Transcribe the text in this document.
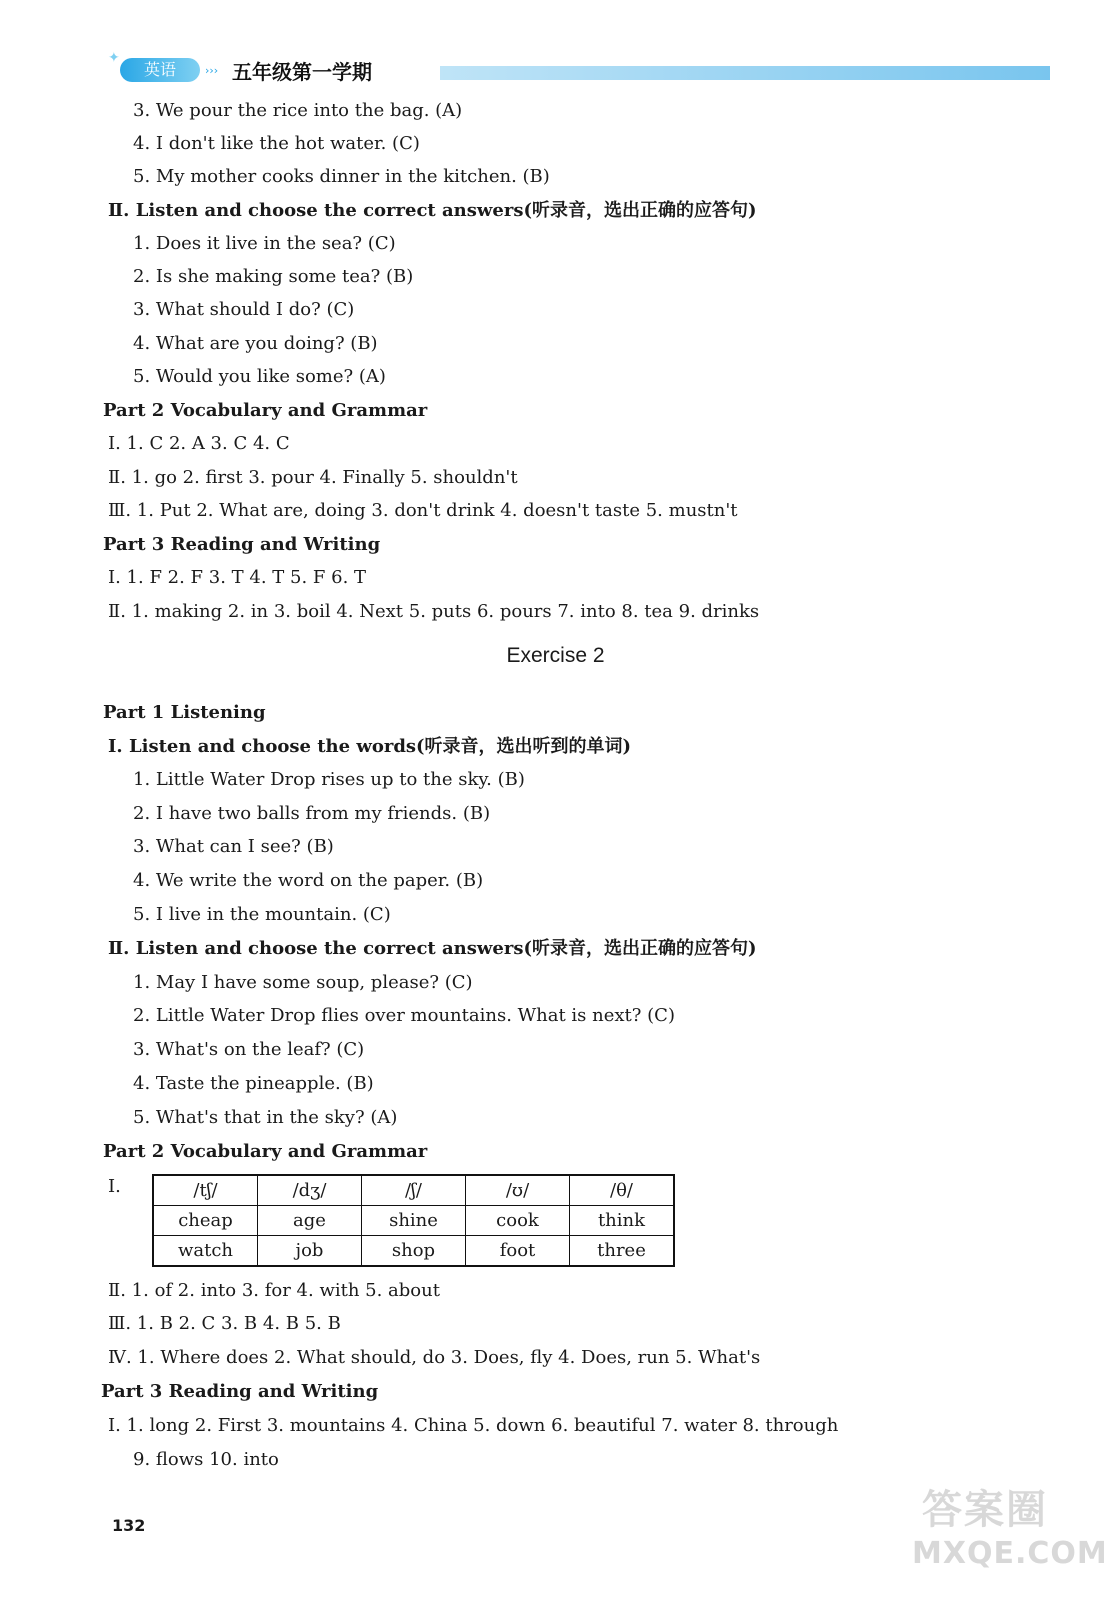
✦
英语	››› 五年级第一学期
3. We pour the rice into the bag. (A)
4. I don't like the hot water. (C)
5. My mother cooks dinner in the kitchen. (B)
Ⅱ. Listen and choose the correct answers(听录音，选出正确的应答句)
1. Does it live in the sea? (C)
2. Is she making some tea? (B)
3. What should I do? (C)
4. What are you doing? (B)
5. Would you like some? (A)
Part 2 Vocabulary and Grammar
Ⅰ. 1. C 2. A 3. C 4. C
Ⅱ. 1. go 2. first 3. pour 4. Finally 5. shouldn't
Ⅲ. 1. Put 2. What are, doing 3. don't drink 4. doesn't taste 5. mustn't
Part 3 Reading and Writing
Ⅰ. 1. F 2. F 3. T 4. T 5. F 6. T
Ⅱ. 1. making 2. in 3. boil 4. Next 5. puts 6. pours 7. into 8. tea 9. drinks
Part 1 Listening
Ⅰ. Listen and choose the words(听录音，选出听到的单词)
1. Little Water Drop rises up to the sky. (B)
2. I have two balls from my friends. (B)
3. What can I see? (B)
4. We write the word on the paper. (B)
5. I live in the mountain. (C)
Ⅱ. Listen and choose the correct answers(听录音，选出正确的应答句)
1. May I have some soup, please? (C)
2. Little Water Drop flies over mountains. What is next? (C)
3. What's on the leaf? (C)
4. Taste the pineapple. (B)
5. What's that in the sky? (A)
Part 2 Vocabulary and Grammar
Ⅰ.
Ⅱ. 1. of 2. into 3. for 4. with 5. about
Ⅲ. 1. B 2. C 3. B 4. B 5. B
Ⅳ. 1. Where does 2. What should, do 3. Does, fly 4. Does, run 5. What's
Part 3 Reading and Writing
Ⅰ. 1. long 2. First 3. mountains 4. China 5. down 6. beautiful 7. water 8. through
9. flows 10. into
Exercise 2
/tʃ/	/dʒ/	/ʃ/	/ʊ/	/θ/
cheap	age	shine	cook	think
watch	job	shop	foot	three
132	答案圈
MXQE.COM
